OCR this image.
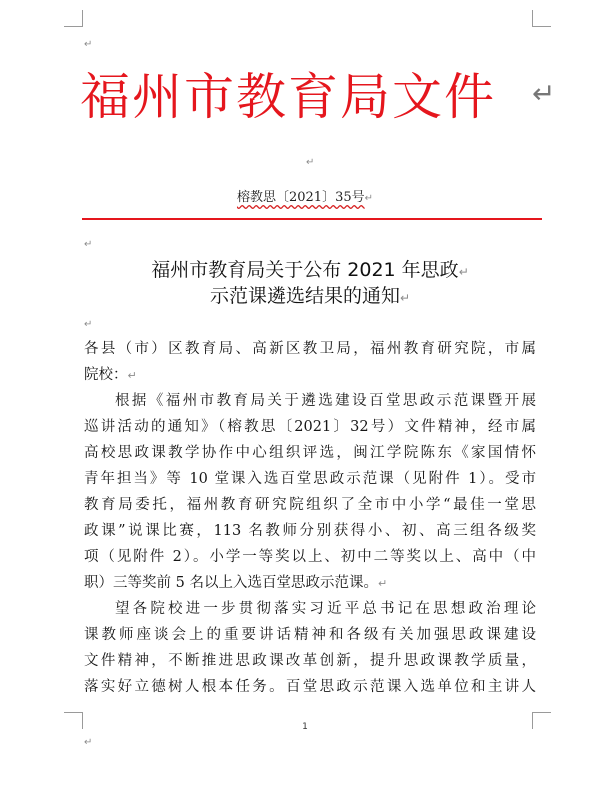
↵
福州市教育局文件	↵
↵
榕教思〔2021〕35号↵
↵
福州市教育局关于公布 2021 年思政↵
示范课遴选结果的通知↵
↵
各县（市）区教育局、高新区教卫局，福州教育研究院，市属
院校：↵
根据《福州市教育局关于遴选建设百堂思政示范课暨开展
巡讲活动的通知》（榕教思〔2021〕32号）文件精神，经市属
高校思政课教学协作中心组织评选，闽江学院陈东《家国情怀
青年担当》等 10 堂课入选百堂思政示范课（见附件 1）。受市
教育局委托，福州教育研究院组织了全市中小学“最佳一堂思
政课”说课比赛，113 名教师分别获得小、初、高三组各级奖
项（见附件 2）。小学一等奖以上、初中二等奖以上、高中（中
职）三等奖前 5 名以上入选百堂思政示范课。↵
望各院校进一步贯彻落实习近平总书记在思想政治理论
课教师座谈会上的重要讲话精神和各级有关加强思政课建设
文件精神，不断推进思政课改革创新，提升思政课教学质量，
落实好立德树人根本任务。百堂思政示范课入选单位和主讲人
1
↵
